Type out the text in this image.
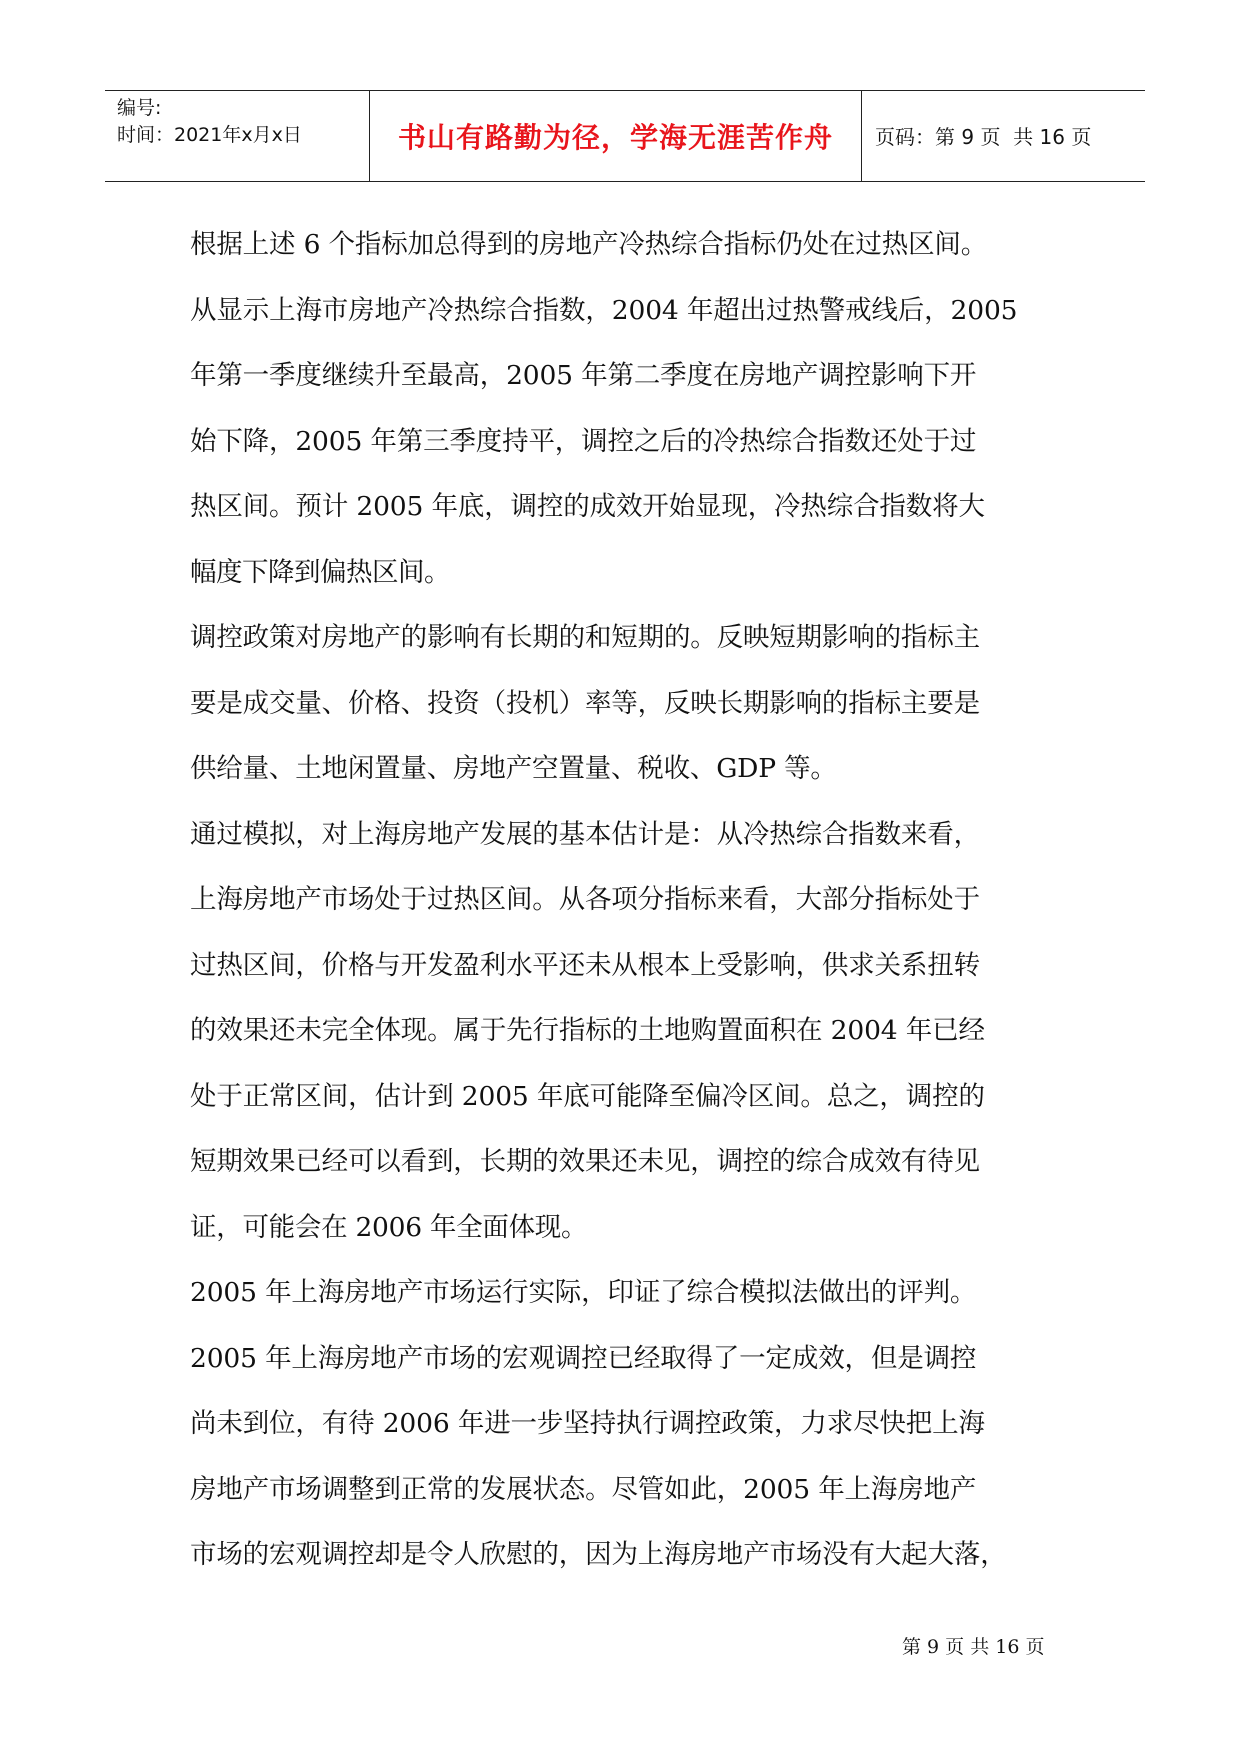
编号:
时间：2021年x月x日	书山有路勤为径，学海无涯苦作舟	页码：第 9 页  共 16 页
根据上述 6 个指标加总得到的房地产冷热综合指标仍处在过热区间。
从显示上海市房地产冷热综合指数，2004 年超出过热警戒线后，2005
年第一季度继续升至最高，2005 年第二季度在房地产调控影响下开
始下降，2005 年第三季度持平，调控之后的冷热综合指数还处于过
热区间。预计 2005 年底，调控的成效开始显现，冷热综合指数将大
幅度下降到偏热区间。
调控政策对房地产的影响有长期的和短期的。反映短期影响的指标主
要是成交量、价格、投资（投机）率等，反映长期影响的指标主要是
供给量、土地闲置量、房地产空置量、税收、GDP 等。
通过模拟，对上海房地产发展的基本估计是：从冷热综合指数来看，
上海房地产市场处于过热区间。从各项分指标来看，大部分指标处于
过热区间，价格与开发盈利水平还未从根本上受影响，供求关系扭转
的效果还未完全体现。属于先行指标的土地购置面积在 2004 年已经
处于正常区间，估计到 2005 年底可能降至偏冷区间。总之，调控的
短期效果已经可以看到，长期的效果还未见，调控的综合成效有待见
证，可能会在 2006 年全面体现。
2005 年上海房地产市场运行实际，印证了综合模拟法做出的评判。
2005 年上海房地产市场的宏观调控已经取得了一定成效，但是调控
尚未到位，有待 2006 年进一步坚持执行调控政策，力求尽快把上海
房地产市场调整到正常的发展状态。尽管如此，2005 年上海房地产
市场的宏观调控却是令人欣慰的，因为上海房地产市场没有大起大落，
第 9 页 共 16 页
